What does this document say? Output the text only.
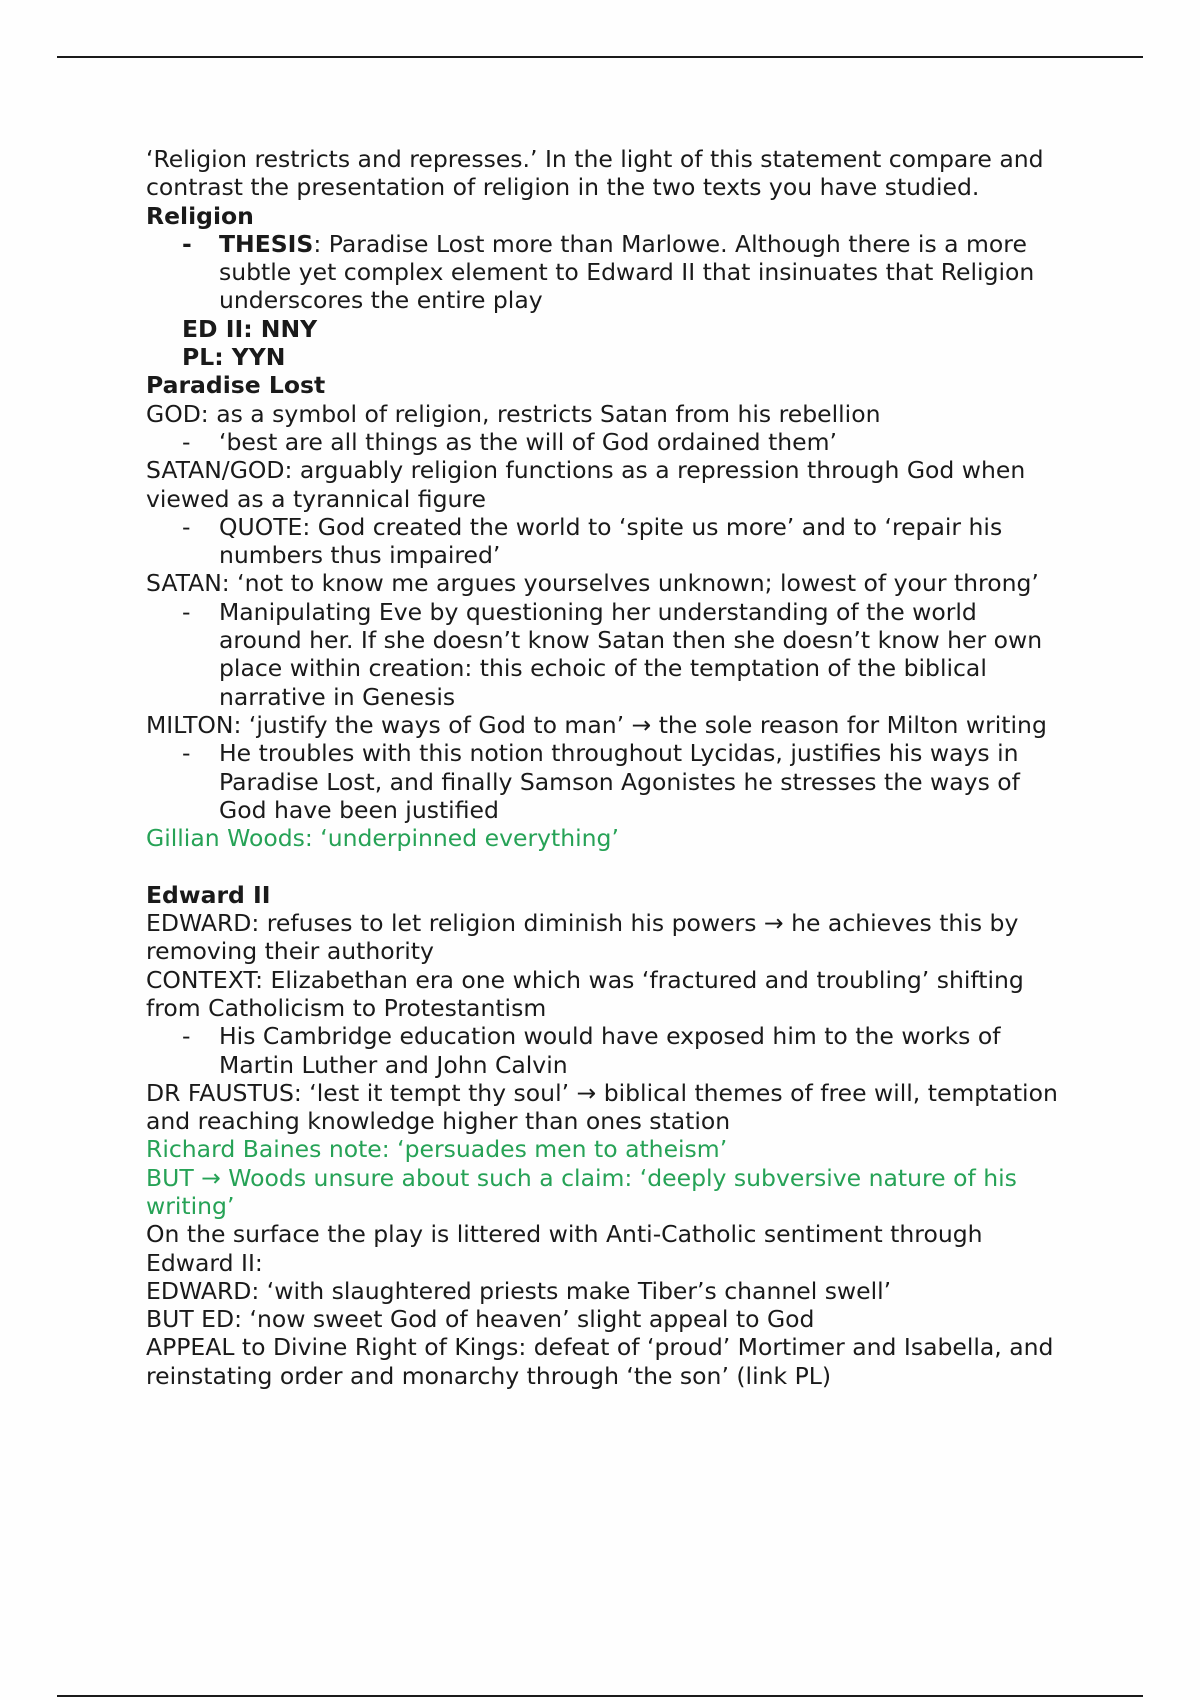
‘Religion restricts and represses.’ In the light of this statement compare and contrast the presentation of religion in the two texts you have studied.

Religion

- THESIS: Paradise Lost more than Marlowe. Although there is a more subtle yet complex element to Edward II that insinuates that Religion underscores the entire play

ED II: NNY

PL: YYN

Paradise Lost

GOD: as a symbol of religion, restricts Satan from his rebellion

- ‘best are all things as the will of God ordained them’

SATAN/GOD: arguably religion functions as a repression through God when viewed as a tyrannical figure

- QUOTE: God created the world to ‘spite us more’ and to ‘repair his numbers thus impaired’

SATAN: ‘not to know me argues yourselves unknown; lowest of your throng’

- Manipulating Eve by questioning her understanding of the world around her. If she doesn’t know Satan then she doesn’t know her own place within creation: this echoic of the temptation of the biblical narrative in Genesis

MILTON: ‘justify the ways of God to man’ → the sole reason for Milton writing

- He troubles with this notion throughout Lycidas, justifies his ways in Paradise Lost, and finally Samson Agonistes he stresses the ways of God have been justified

Gillian Woods: ‘underpinned everything’

Edward II

EDWARD: refuses to let religion diminish his powers → he achieves this by removing their authority

CONTEXT: Elizabethan era one which was ‘fractured and troubling’ shifting from Catholicism to Protestantism

- His Cambridge education would have exposed him to the works of Martin Luther and John Calvin

DR FAUSTUS: ‘lest it tempt thy soul’ → biblical themes of free will, temptation and reaching knowledge higher than ones station

Richard Baines note: ‘persuades men to atheism’

BUT → Woods unsure about such a claim: ‘deeply subversive nature of his writing’

On the surface the play is littered with Anti-Catholic sentiment through Edward II:

EDWARD: ‘with slaughtered priests make Tiber’s channel swell’

BUT ED: ‘now sweet God of heaven’ slight appeal to God

APPEAL to Divine Right of Kings: defeat of ‘proud’ Mortimer and Isabella, and reinstating order and monarchy through ‘the son’ (link PL)
